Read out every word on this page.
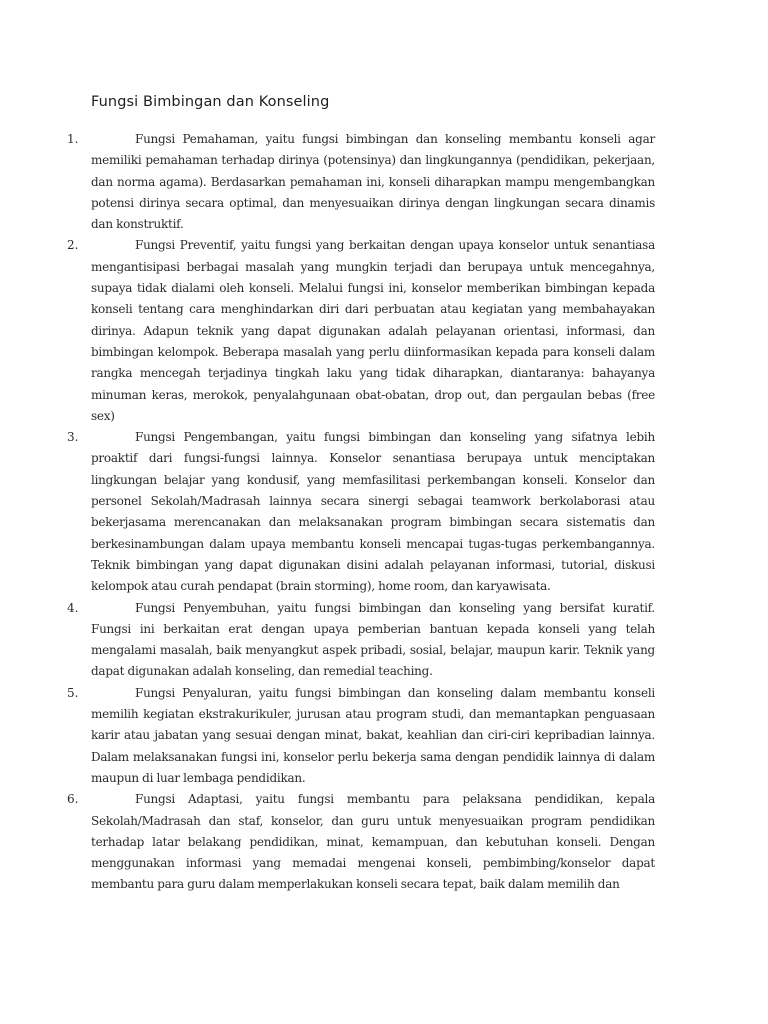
Fungsi Bimbingan dan Konseling
1.	Fungsi Pemahaman, yaitu fungsi bimbingan dan konseling membantu konseli agar memiliki pemahaman terhadap dirinya (potensinya) dan lingkungannya (pendidikan, pekerjaan, dan norma agama). Berdasarkan pemahaman ini, konseli diharapkan mampu mengembangkan potensi dirinya secara optimal, dan menyesuaikan dirinya dengan lingkungan secara dinamis dan konstruktif.

2.	Fungsi Preventif, yaitu fungsi yang berkaitan dengan upaya konselor untuk senantiasa mengantisipasi berbagai masalah yang mungkin terjadi dan berupaya untuk mencegahnya, supaya tidak dialami oleh konseli. Melalui fungsi ini, konselor memberikan bimbingan kepada konseli tentang cara menghindarkan diri dari perbuatan atau kegiatan yang membahayakan dirinya. Adapun teknik yang dapat digunakan adalah pelayanan orientasi, informasi, dan bimbingan kelompok. Beberapa masalah yang perlu diinformasikan kepada para konseli dalam rangka mencegah terjadinya tingkah laku yang tidak diharapkan, diantaranya: bahayanya minuman keras, merokok, penyalahgunaan obat-obatan, drop out, dan pergaulan bebas (free sex)

3.	Fungsi Pengembangan, yaitu fungsi bimbingan dan konseling yang sifatnya lebih proaktif dari fungsi-fungsi lainnya. Konselor senantiasa berupaya untuk menciptakan lingkungan belajar yang kondusif, yang memfasilitasi perkembangan konseli. Konselor dan personel Sekolah/Madrasah lainnya secara sinergi sebagai teamwork berkolaborasi atau bekerjasama merencanakan dan melaksanakan program bimbingan secara sistematis dan berkesinambungan dalam upaya membantu konseli mencapai tugas-tugas perkembangannya. Teknik bimbingan yang dapat digunakan disini adalah pelayanan informasi, tutorial, diskusi kelompok atau curah pendapat (brain storming), home room, dan karyawisata.

4.	Fungsi Penyembuhan, yaitu fungsi bimbingan dan konseling yang bersifat kuratif. Fungsi ini berkaitan erat dengan upaya pemberian bantuan kepada konseli yang telah mengalami masalah, baik menyangkut aspek pribadi, sosial, belajar, maupun karir. Teknik yang dapat digunakan adalah konseling, dan remedial teaching.

5.	Fungsi Penyaluran, yaitu fungsi bimbingan dan konseling dalam membantu konseli memilih kegiatan ekstrakurikuler, jurusan atau program studi, dan memantapkan penguasaan karir atau jabatan yang sesuai dengan minat, bakat, keahlian dan ciri-ciri kepribadian lainnya. Dalam melaksanakan fungsi ini, konselor perlu bekerja sama dengan pendidik lainnya di dalam maupun di luar lembaga pendidikan.

6.	Fungsi Adaptasi, yaitu fungsi membantu para pelaksana pendidikan, kepala Sekolah/Madrasah dan staf, konselor, dan guru untuk menyesuaikan program pendidikan terhadap latar belakang pendidikan, minat, kemampuan, dan kebutuhan konseli. Dengan menggunakan informasi yang memadai mengenai konseli, pembimbing/konselor dapat membantu para guru dalam memperlakukan konseli secara tepat, baik dalam memilih dan
